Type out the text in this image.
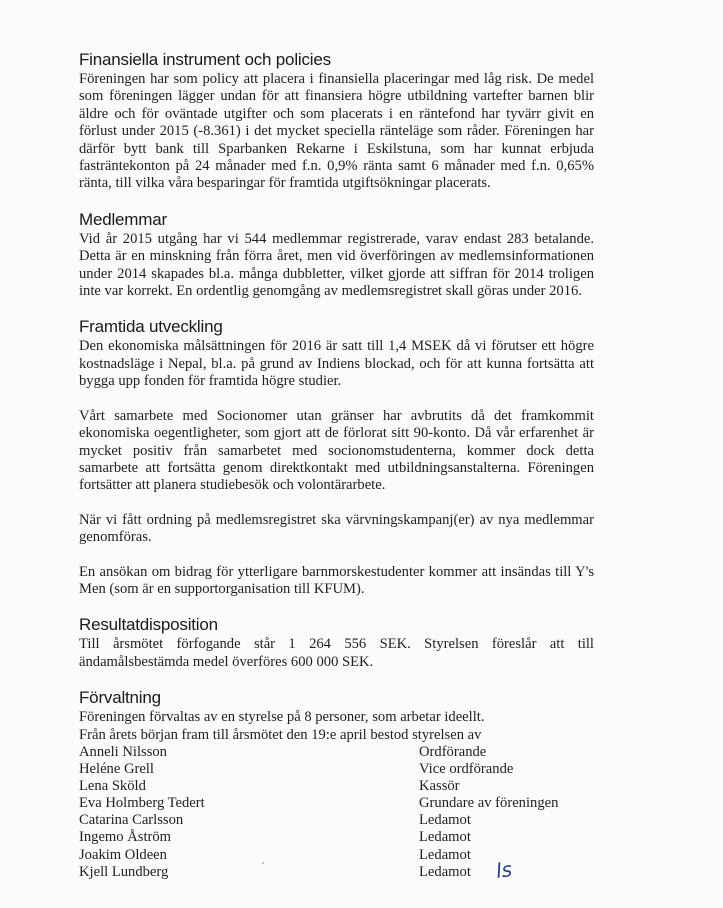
Finansiella instrument och policies

Föreningen har som policy att placera i finansiella placeringar med låg risk. De medel som föreningen lägger undan för att finansiera högre utbildning vartefter barnen blir äldre och för oväntade utgifter och som placerats i en räntefond har tyvärr givit en förlust under 2015 (-8.361) i det mycket speciella ränteläge som råder. Föreningen har därför bytt bank till Sparbanken Rekarne i Eskilstuna, som har kunnat erbjuda fasträntekonton på 24 månader med f.n. 0,9% ränta samt 6 månader med f.n. 0,65% ränta, till vilka våra besparingar för framtida utgiftsökningar placerats.

Medlemmar

Vid år 2015 utgång har vi 544 medlemmar registrerade, varav endast 283 betalande. Detta är en minskning från förra året, men vid överföringen av medlemsinformationen under 2014 skapades bl.a. många dubbletter, vilket gjorde att siffran för 2014 troligen inte var korrekt. En ordentlig genomgång av medlemsregistret skall göras under 2016.

Framtida utveckling

Den ekonomiska målsättningen för 2016 är satt till 1,4 MSEK då vi förutser ett högre kostnadsläge i Nepal, bl.a. på grund av Indiens blockad, och för att kunna fortsätta att bygga upp fonden för framtida högre studier.

Vårt samarbete med Socionomer utan gränser har avbrutits då det framkommit ekonomiska oegentligheter, som gjort att de förlorat sitt 90-konto. Då vår erfarenhet är mycket positiv från samarbetet med socionomstudenterna, kommer dock detta samarbete att fortsätta genom direktkontakt med utbildningsanstalterna. Föreningen fortsätter att planera studiebesök och volontärarbete.

När vi fått ordning på medlemsregistret ska värvningskampanj(er) av nya medlemmar genomföras.

En ansökan om bidrag för ytterligare barnmorskestudenter kommer att insändas till Y's Men (som är en supportorganisation till KFUM).

Resultatdisposition

Till årsmötet förfogande står 1 264 556 SEK. Styrelsen föreslår att till ändamålsbestämda medel överföres 600 000 SEK.

Förvaltning

Föreningen förvaltas av en styrelse på 8 personer, som arbetar ideellt.

Från årets början fram till årsmötet den 19:e april bestod styrelsen av

Anneli Nilsson	Ordförande
Heléne Grell	Vice ordförande
Lena Sköld	Kassör
Eva Holmberg Tedert	Grundare av föreningen
Catarina Carlsson	Ledamot
Ingemo Åström	Ledamot
Joakim Oldeen	Ledamot
Kjell Lundberg	Ledamot	ls
